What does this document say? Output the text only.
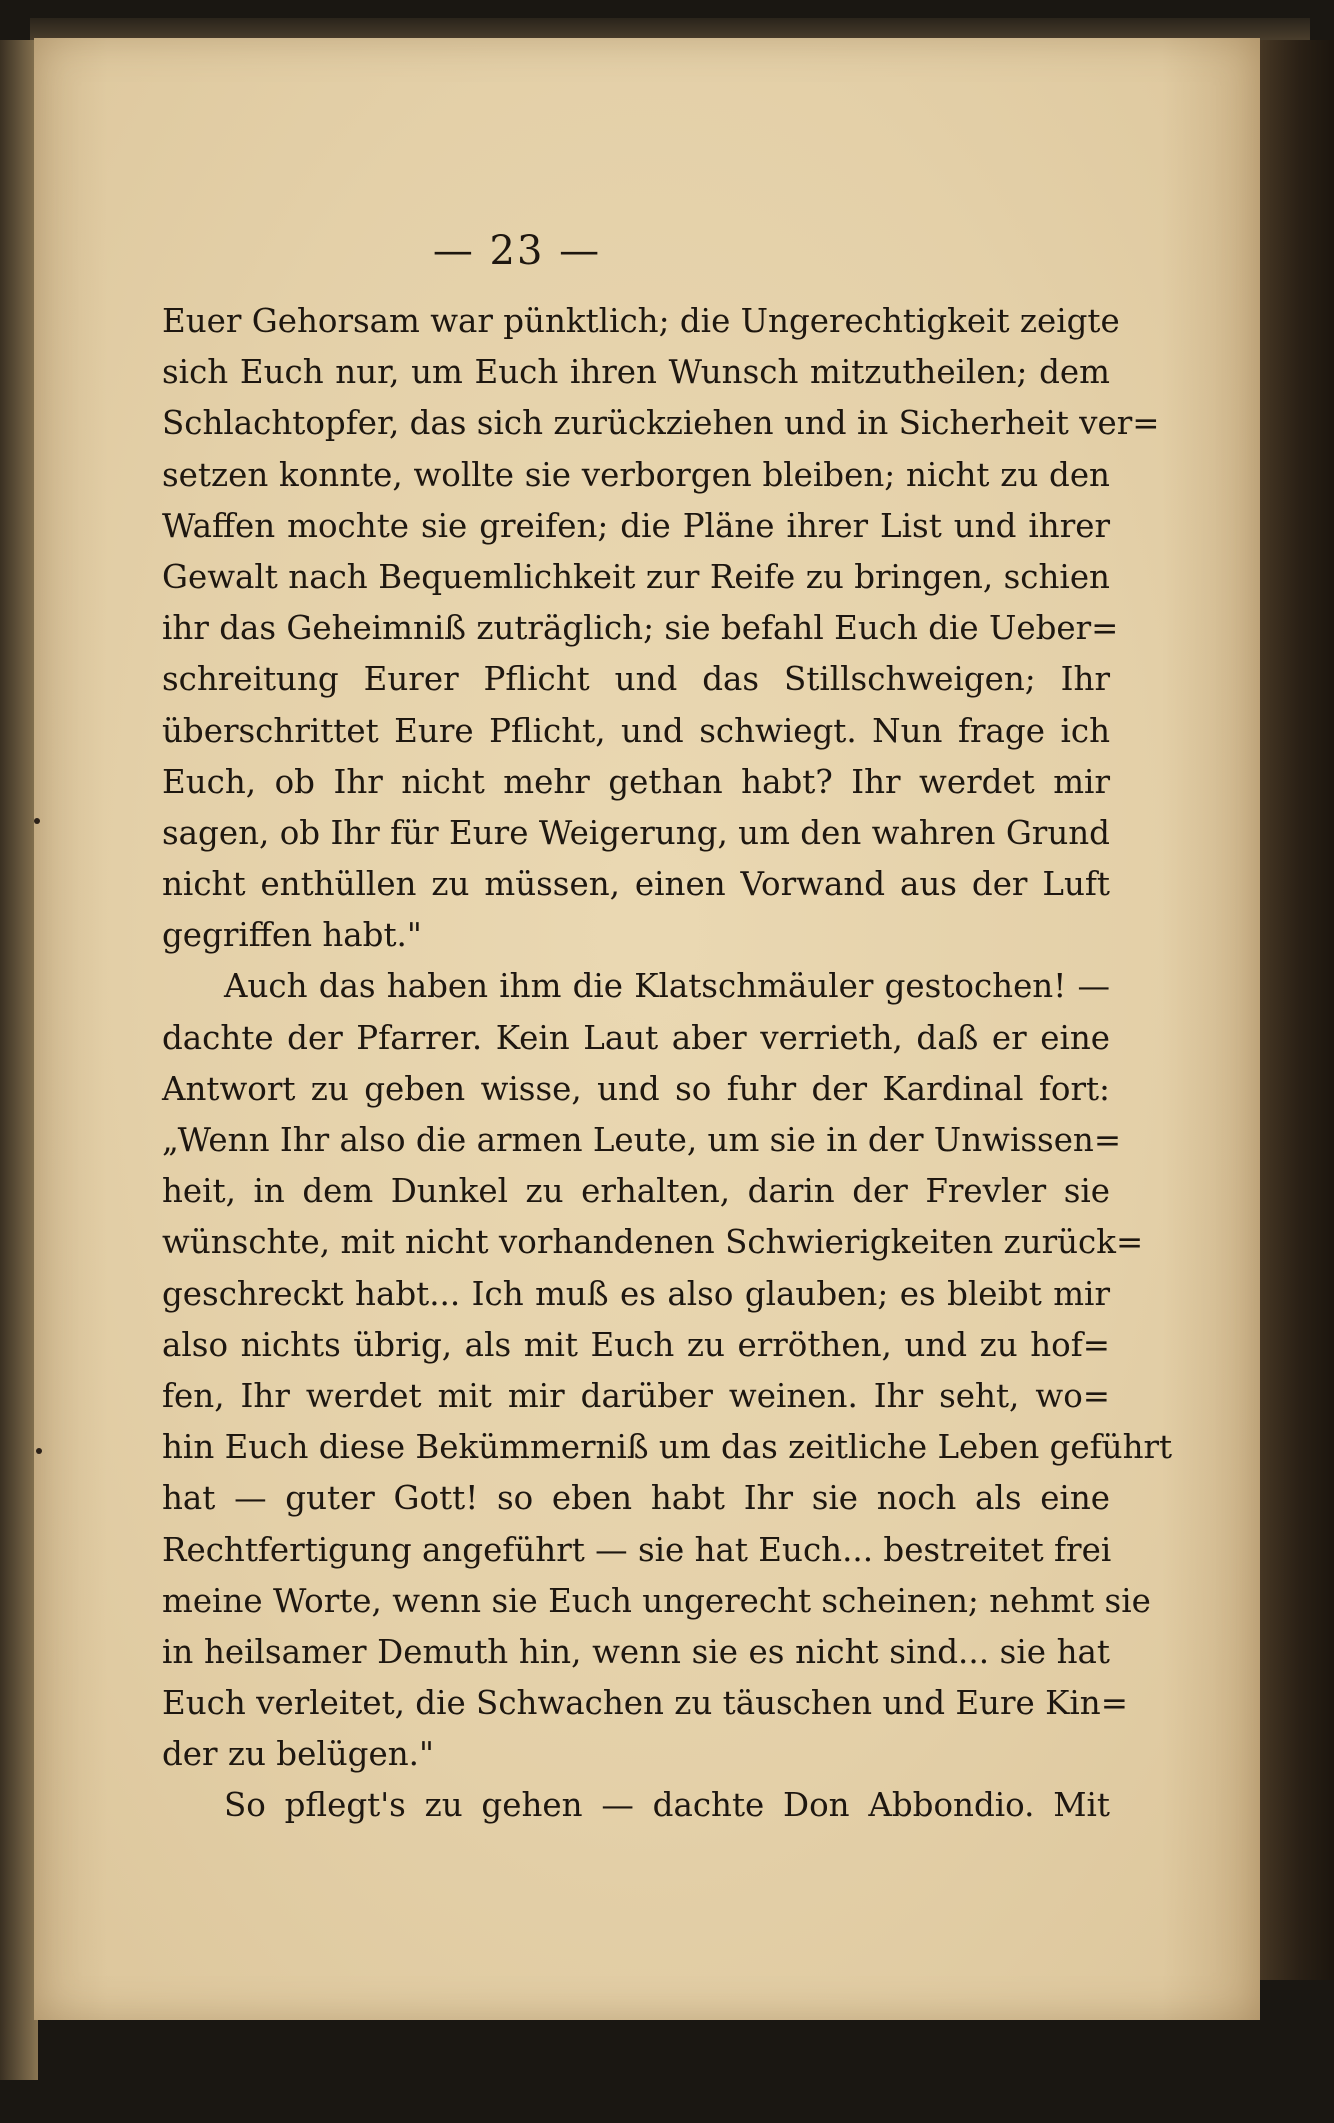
— 23 —
Euer Gehorsam war pünktlich; die Ungerechtigkeit zeigte
sich Euch nur, um Euch ihren Wunsch mitzutheilen; dem
Schlachtopfer, das sich zurückziehen und in Sicherheit ver=
setzen konnte, wollte sie verborgen bleiben; nicht zu den
Waffen mochte sie greifen; die Pläne ihrer List und ihrer
Gewalt nach Bequemlichkeit zur Reife zu bringen, schien
ihr das Geheimniß zuträglich; sie befahl Euch die Ueber=
schreitung Eurer Pflicht und das Stillschweigen; Ihr
überschrittet Eure Pflicht, und schwiegt. Nun frage ich
Euch, ob Ihr nicht mehr gethan habt? Ihr werdet mir
sagen, ob Ihr für Eure Weigerung, um den wahren Grund
nicht enthüllen zu müssen, einen Vorwand aus der Luft
gegriffen habt."
Auch das haben ihm die Klatschmäuler gestochen! —
dachte der Pfarrer. Kein Laut aber verrieth, daß er eine
Antwort zu geben wisse, und so fuhr der Kardinal fort:
„Wenn Ihr also die armen Leute, um sie in der Unwissen=
heit, in dem Dunkel zu erhalten, darin der Frevler sie
wünschte, mit nicht vorhandenen Schwierigkeiten zurück=
geschreckt habt... Ich muß es also glauben; es bleibt mir
also nichts übrig, als mit Euch zu erröthen, und zu hof=
fen, Ihr werdet mit mir darüber weinen. Ihr seht, wo=
hin Euch diese Bekümmerniß um das zeitliche Leben geführt
hat — guter Gott! so eben habt Ihr sie noch als eine
Rechtfertigung angeführt — sie hat Euch... bestreitet frei
meine Worte, wenn sie Euch ungerecht scheinen; nehmt sie
in heilsamer Demuth hin, wenn sie es nicht sind... sie hat
Euch verleitet, die Schwachen zu täuschen und Eure Kin=
der zu belügen."
So pflegt's zu gehen — dachte Don Abbondio. Mit
